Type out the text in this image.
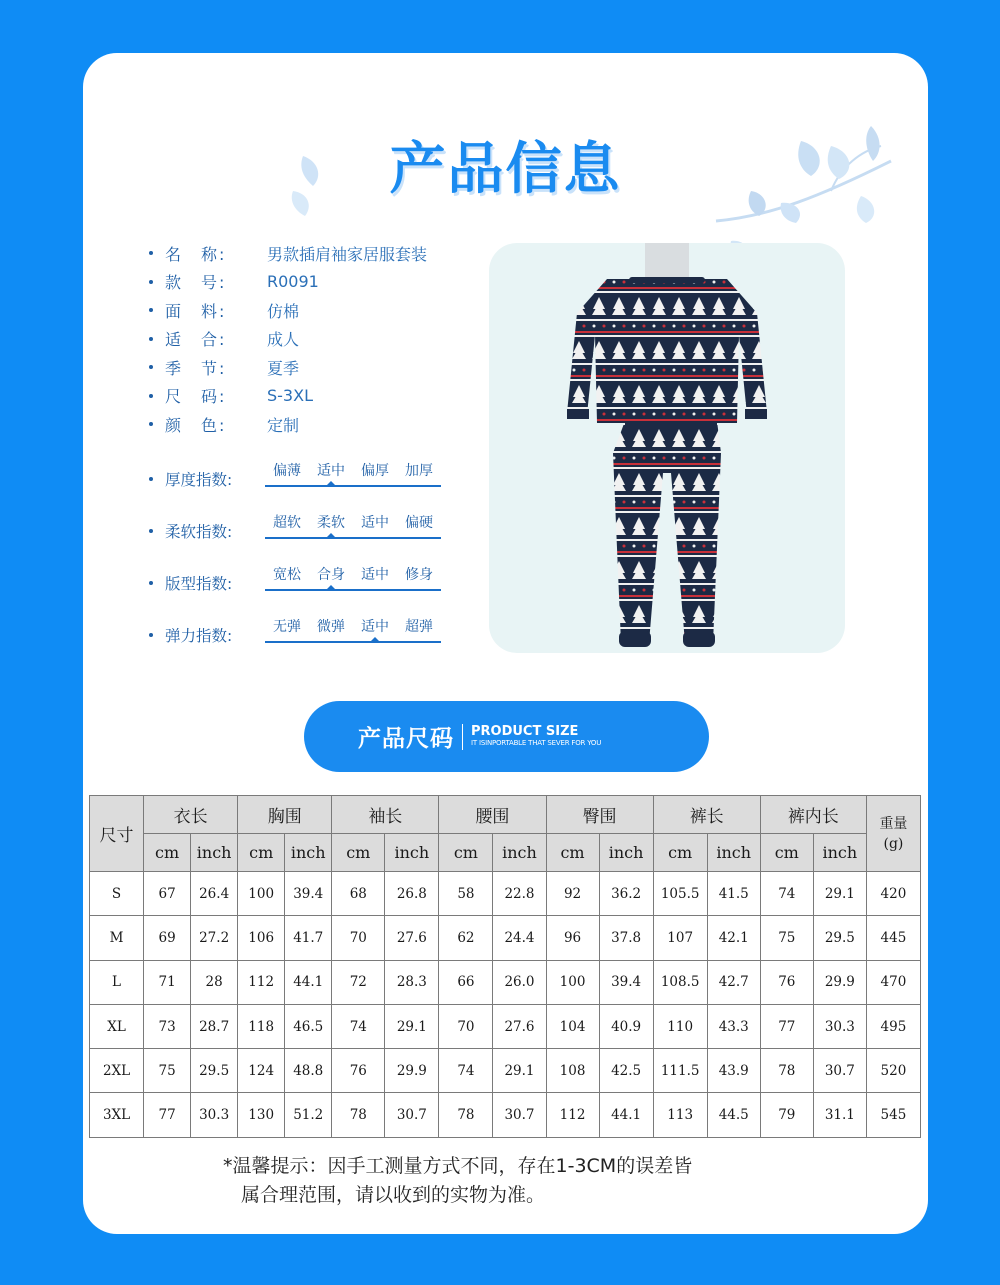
产品信息
名　称:	男款插肩袖家居服套装
款　号:	R0091
面　料:	仿棉
适　合:	成人
季　节:	夏季
尺　码:	S-3XL
颜　色:	定制
厚度指数:	偏薄	适中	偏厚	加厚
柔软指数:	超软	柔软	适中	偏硬
版型指数:	宽松	合身	适中	修身
弹力指数:	无弹	微弹	适中	超弹
产品尺码 PRODUCT SIZE
IT ISINPORTABLE THAT SEVER FOR YOU
尺寸	衣长		胸围		袖长		腰围		臀围		裤长		裤内长		重量
(g)
	cm	inch	cm	inch	cm	inch	cm	inch	cm	inch	cm	inch	cm	inch	
S	67	26.4	100	39.4	68	26.8	58	22.8	92	36.2	105.5	41.5	74	29.1	420
M	69	27.2	106	41.7	70	27.6	62	24.4	96	37.8	107	42.1	75	29.5	445
L	71	28	112	44.1	72	28.3	66	26.0	100	39.4	108.5	42.7	76	29.9	470
XL	73	28.7	118	46.5	74	29.1	70	27.6	104	40.9	110	43.3	77	30.3	495
2XL	75	29.5	124	48.8	76	29.9	74	29.1	108	42.5	111.5	43.9	78	30.7	520
3XL	77	30.3	130	51.2	78	30.7	78	30.7	112	44.1	113	44.5	79	31.1	545
*温馨提示：因手工测量方式不同，存在1-3CM的误差皆
属合理范围，请以收到的实物为准。
